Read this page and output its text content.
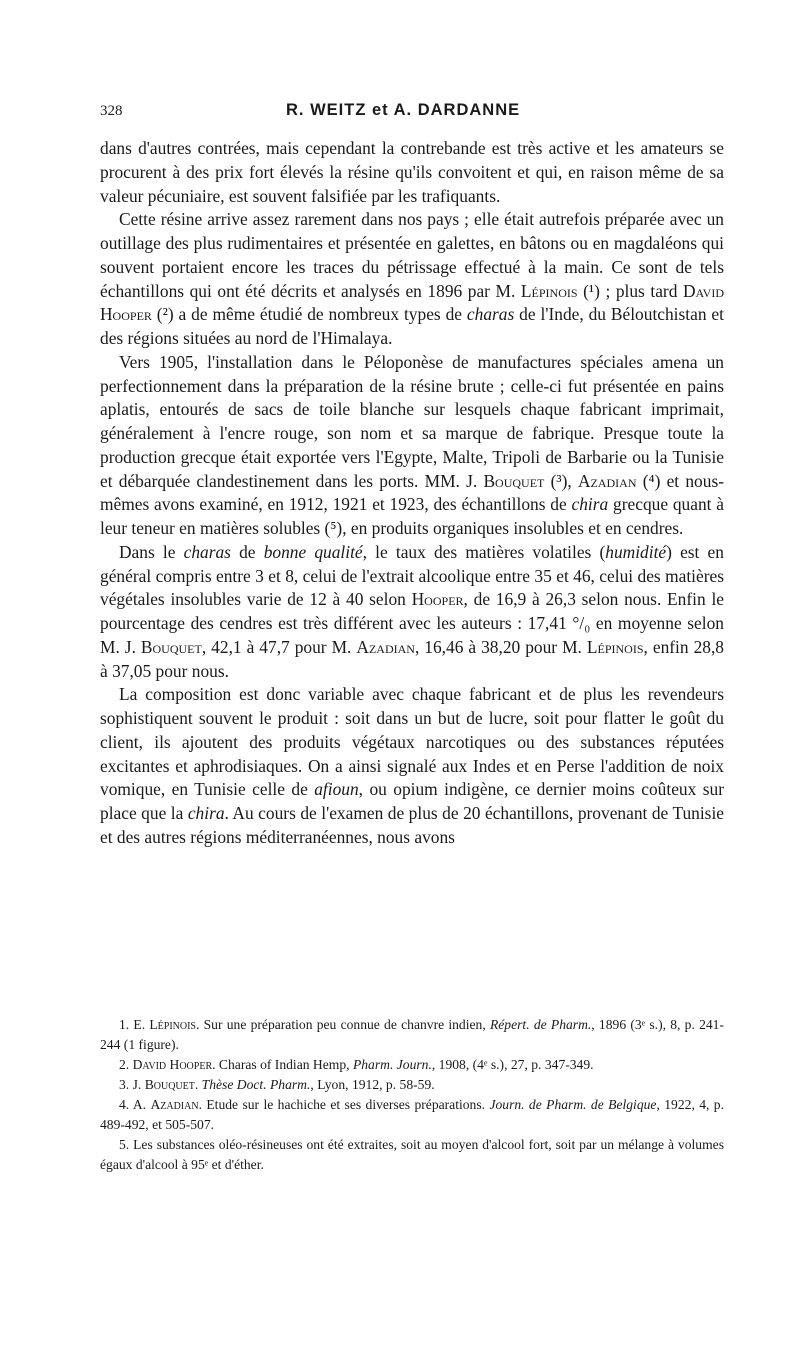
328	R. WEITZ et A. DARDANNE

dans d'autres contrées, mais cependant la contrebande est très active et les amateurs se procurent à des prix fort élevés la résine qu'ils convoitent et qui, en raison même de sa valeur pécuniaire, est souvent falsifiée par les trafiquants.

Cette résine arrive assez rarement dans nos pays ; elle était autrefois préparée avec un outillage des plus rudimentaires et présentée en galettes, en bâtons ou en magdaléons qui souvent portaient encore les traces du pétrissage effectué à la main. Ce sont de tels échantillons qui ont été décrits et analysés en 1896 par M. Lépinois (¹) ; plus tard David Hooper (²) a de même étudié de nombreux types de charas de l'Inde, du Béloutchistan et des régions situées au nord de l'Himalaya.

Vers 1905, l'installation dans le Péloponèse de manufactures spéciales amena un perfectionnement dans la préparation de la résine brute ; celle-ci fut présentée en pains aplatis, entourés de sacs de toile blanche sur lesquels chaque fabricant imprimait, généralement à l'encre rouge, son nom et sa marque de fabrique. Presque toute la production grecque était exportée vers l'Egypte, Malte, Tripoli de Barbarie ou la Tunisie et débarquée clandestinement dans les ports. MM. J. Bouquet (³), Azadian (⁴) et nous-mêmes avons examiné, en 1912, 1921 et 1923, des échantillons de chira grecque quant à leur teneur en matières solubles (⁵), en produits organiques insolubles et en cendres.

Dans le charas de bonne qualité, le taux des matières volatiles (humidité) est en général compris entre 3 et 8, celui de l'extrait alcoolique entre 35 et 46, celui des matières végétales insolubles varie de 12 à 40 selon Hooper, de 16,9 à 26,3 selon nous. Enfin le pourcentage des cendres est très différent avec les auteurs : 17,41 °/₀ en moyenne selon M. J. Bouquet, 42,1 à 47,7 pour M. Azadian, 16,46 à 38,20 pour M. Lépinois, enfin 28,8 à 37,05 pour nous.

La composition est donc variable avec chaque fabricant et de plus les revendeurs sophistiquent souvent le produit : soit dans un but de lucre, soit pour flatter le goût du client, ils ajoutent des produits végétaux narcotiques ou des substances réputées excitantes et aphrodisiaques. On a ainsi signalé aux Indes et en Perse l'addition de noix vomique, en Tunisie celle de afioun, ou opium indigène, ce dernier moins coûteux sur place que la chira. Au cours de l'examen de plus de 20 échantillons, provenant de Tunisie et des autres régions méditerranéennes, nous avons

1. E. Lépinois. Sur une préparation peu connue de chanvre indien, Répert. de Pharm., 1896 (3ᵉ s.), 8, p. 241-244 (1 figure).

2. David Hooper. Charas of Indian Hemp, Pharm. Journ., 1908, (4ᵉ s.), 27, p. 347-349.

3. J. Bouquet. Thèse Doct. Pharm., Lyon, 1912, p. 58-59.

4. A. Azadian. Etude sur le hachiche et ses diverses préparations. Journ. de Pharm. de Belgique, 1922, 4, p. 489-492, et 505-507.

5. Les substances oléo-résineuses ont été extraites, soit au moyen d'alcool fort, soit par un mélange à volumes égaux d'alcool à 95ᵉ et d'éther.
